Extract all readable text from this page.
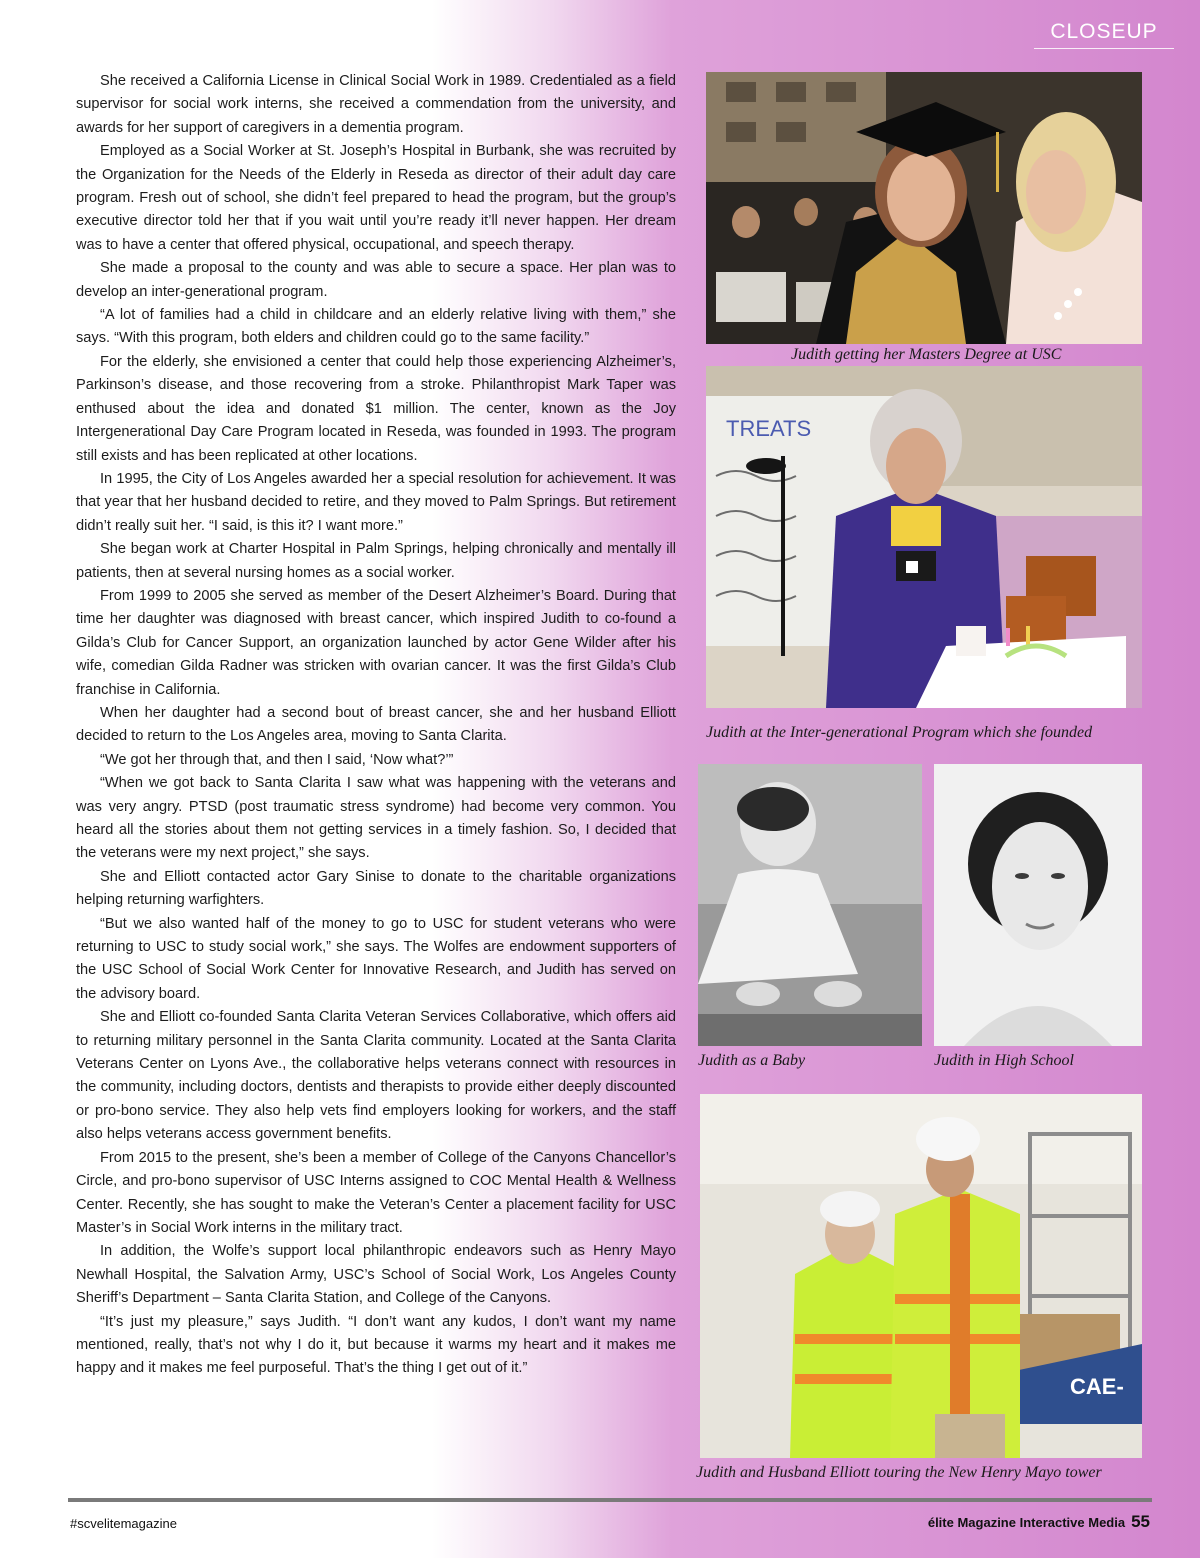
CLOSEUP

She received a California License in Clinical Social Work in 1989. Credentialed as a field supervisor for social work interns, she received a commendation from the university, and awards for her support of caregivers in a dementia program.

Employed as a Social Worker at St. Joseph’s Hospital in Burbank, she was recruited by the Organization for the Needs of the Elderly in Reseda as director of their adult day care program. Fresh out of school, she didn’t feel prepared to head the program, but the group’s executive director told her that if you wait until you’re ready it’ll never happen. Her dream was to have a center that offered physical, occupational, and speech therapy.

She made a proposal to the county and was able to secure a space. Her plan was to develop an inter-generational program.

“A lot of families had a child in childcare and an elderly relative living with them,” she says. “With this program, both elders and children could go to the same facility.”

For the elderly, she envisioned a center that could help those experiencing Alzheimer’s, Parkinson’s disease, and those recovering from a stroke. Philanthropist Mark Taper was enthused about the idea and donated $1 million. The center, known as the Joy Intergenerational Day Care Program located in Reseda, was founded in 1993. The program still exists and has been replicated at other locations.

In 1995, the City of Los Angeles awarded her a special resolution for achievement. It was that year that her husband decided to retire, and they moved to Palm Springs. But retirement didn’t really suit her. “I said, is this it? I want more.”

She began work at Charter Hospital in Palm Springs, helping chronically and mentally ill patients, then at several nursing homes as a social worker.

From 1999 to 2005 she served as member of the Desert Alzheimer’s Board. During that time her daughter was diagnosed with breast cancer, which inspired Judith to co-found a Gilda’s Club for Cancer Support, an organization launched by actor Gene Wilder after his wife, comedian Gilda Radner was stricken with ovarian cancer. It was the first Gilda’s Club franchise in California.

When her daughter had a second bout of breast cancer, she and her husband Elliott decided to return to the Los Angeles area, moving to Santa Clarita.

“We got her through that, and then I said, ‘Now what?’”

“When we got back to Santa Clarita I saw what was happening with the veterans and was very angry. PTSD (post traumatic stress syndrome) had become very common. You heard all the stories about them not getting services in a timely fashion. So, I decided that the veterans were my next project,” she says.

She and Elliott contacted actor Gary Sinise to donate to the charitable organizations helping returning warfighters.

“But we also wanted half of the money to go to USC for student veterans who were returning to USC to study social work,” she says. The Wolfes are endowment supporters of the USC School of Social Work Center for Innovative Research, and Judith has served on the advisory board.

She and Elliott co-founded Santa Clarita Veteran Services Collaborative, which offers aid to returning military personnel in the Santa Clarita community. Located at the Santa Clarita Veterans Center on Lyons Ave., the collaborative helps veterans connect with resources in the community, including doctors, dentists and therapists to provide either deeply discounted or pro-bono service. They also help vets find employers looking for workers, and the staff also helps veterans access government benefits.

From 2015 to the present, she’s been a member of College of the Canyons Chancellor’s Circle, and pro-bono supervisor of USC Interns assigned to COC Mental Health & Wellness Center. Recently, she has sought to make the Veteran’s Center a placement facility for USC Master’s in Social Work interns in the military tract.

In addition, the Wolfe’s support local philanthropic endeavors such as Henry Mayo Newhall Hospital, the Salvation Army, USC’s School of Social Work, Los Angeles County Sheriff’s Department – Santa Clarita Station, and College of the Canyons.

“It’s just my pleasure,” says Judith. “I don’t want any kudos, I don’t want my name mentioned, really, that’s not why I do it, but because it warms my heart and it makes me happy and it makes me feel purposeful. That’s the thing I get out of it.”

Judith getting her Masters Degree at USC
TREATS
Judith at the Inter-generational Program which she founded
Judith as a Baby	Judith in High School
CAE-
Judith and Husband Elliott touring the New Henry Mayo tower
#scvelitemagazine	élite Magazine Interactive Media 55
